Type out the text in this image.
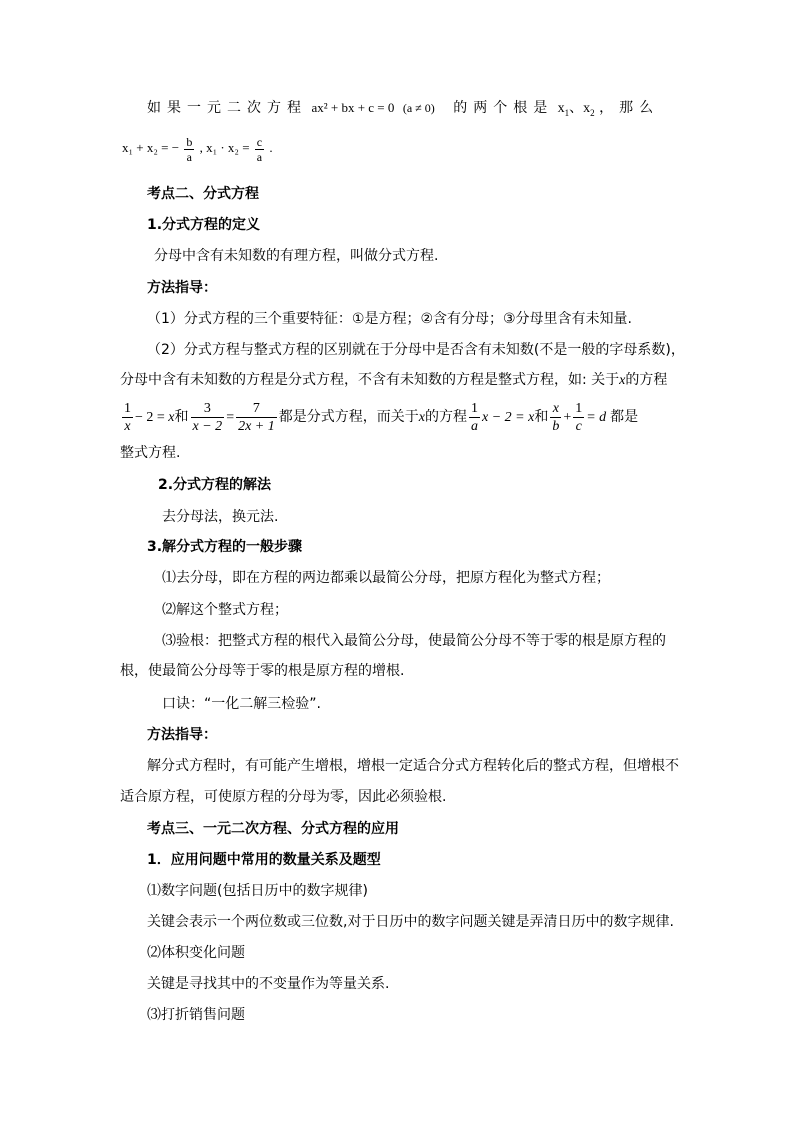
如果一元二次方程 ax² + bx + c = 0 (a ≠ 0) 的两个根是 $x_1$、$x_2$ ，那么
x₁ + x₂ = − $\frac{b}{a}$ , $x_1 \cdot x_2 = \frac{c}{a}$ .
考点二、分式方程
1.分式方程的定义
分母中含有未知数的有理方程，叫做分式方程.
方法指导：
（1）分式方程的三个重要特征：①是方程；②含有分母；③分母里含有未知量.
（2）分式方程与整式方程的区别就在于分母中是否含有未知数(不是一般的字母系数)，
分母中含有未知数的方程是分式方程，不含有未知数的方程是整式方程，如: 关于x的方程
$\frac{1}{x} - 2 = x$和 $\frac{3}{x - 2} = \frac{7}{2x + 1}$ 都是分式方程，而关于x的方程 $\frac{1}{a}$ x − 2 = x和 $\frac{x}{b} + \frac{1}{c} = d$ 都是
整式方程.
2.分式方程的解法
去分母法，换元法.
3.解分式方程的一般步骤
⑴去分母，即在方程的两边都乘以最简公分母，把原方程化为整式方程；
⑵解这个整式方程；
⑶验根：把整式方程的根代入最简公分母，使最简公分母不等于零的根是原方程的
根，使最简公分母等于零的根是原方程的增根.
口诀：“一化二解三检验”.
方法指导：
解分式方程时，有可能产生增根，增根一定适合分式方程转化后的整式方程，但增根不
适合原方程，可使原方程的分母为零，因此必须验根.
考点三、一元二次方程、分式方程的应用
1．应用问题中常用的数量关系及题型
⑴数字问题(包括日历中的数字规律)
关键会表示一个两位数或三位数,对于日历中的数字问题关键是弄清日历中的数字规律.
⑵体积变化问题
关键是寻找其中的不变量作为等量关系.
⑶打折销售问题
